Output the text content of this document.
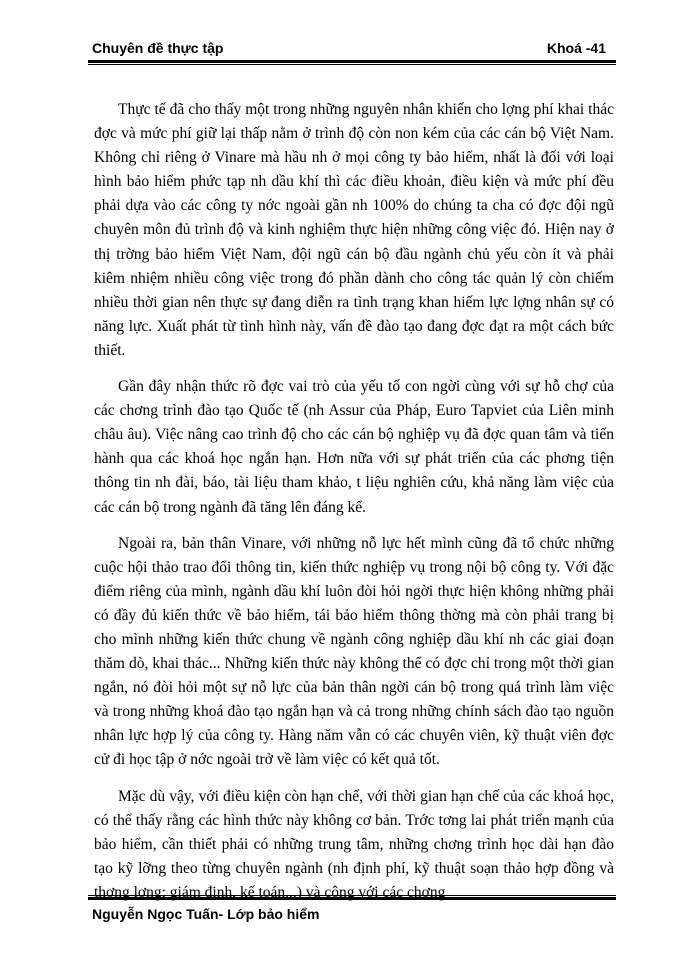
Chuyên đề thực tập	Khoá -41

Thực tế đã cho thấy một trong những nguyên nhân khiến cho lợng phí khai thác đợc và mức phí giữ lại thấp nằm ở trình độ còn non kém của các cán bộ Việt Nam. Không chỉ riêng ở Vinare mà hầu nh ở mọi công ty bảo hiểm, nhất là đối với loại hình bảo hiểm phức tạp nh dầu khí thì các điều khoản, điều kiện và mức phí đều phải dựa vào các công ty nớc ngoài gần nh 100% do chúng ta cha có đợc đội ngũ chuyên môn đủ trình độ và kinh nghiệm thực hiện những công việc đó. Hiện nay ở thị trờng bảo hiểm Việt Nam, đội ngũ cán bộ đầu ngành chủ yếu còn ít và phải kiêm nhiệm nhiều công việc trong đó phần dành cho công tác quản lý còn chiếm nhiều thời gian nên thực sự đang diễn ra tình trạng khan hiếm lực lợng nhân sự có năng lực. Xuất phát từ tình hình này, vấn đề đào tạo đang đợc đạt ra một cách bức thiết.

Gần đây nhận thức rõ đợc vai trò của yếu tố con ngời cùng với sự hỗ chợ của các chơng trình đào tạo Quốc tế (nh Assur của Pháp, Euro Tapviet của Liên minh châu âu). Việc nâng cao trình độ cho các cán bộ nghiệp vụ đã đợc quan tâm và tiến hành qua các khoá học ngắn hạn. Hơn nữa với sự phát triển của các phơng tiện thông tin nh đài, báo, tài liệu tham khảo, t liệu nghiên cứu, khả năng làm việc của các cán bộ trong ngành đã tăng lên đáng kể.

Ngoài ra, bản thân Vinare, với những nỗ lực hết mình cũng đã tổ chức những cuộc hội thảo trao đổi thông tin, kiến thức nghiệp vụ trong nội bộ công ty. Với đặc điểm riêng của mình, ngành dầu khí luôn đòi hỏi ngời thực hiện không những phải có đầy đủ kiến thức về bảo hiểm, tái bảo hiểm thông thờng mà còn phải trang bị cho mình những kiến thức chung về ngành công nghiệp dầu khí nh các giai đoạn thăm dò, khai thác... Những kiến thức này không thể có đợc chỉ trong một thời gian ngắn, nó đòi hỏi một sự nỗ lực của bản thân ngời cán bộ trong quá trình làm việc và trong những khoá đào tạo ngắn hạn và cả trong những chính sách đào tạo nguồn nhân lực hợp lý của công ty. Hàng năm vẫn có các chuyên viên, kỹ thuật viên đợc cử đi học tập ở nớc ngoài trở về làm việc có kết quả tốt.

Mặc dù vậy, với điều kiện còn hạn chế, với thời gian hạn chế của các khoá học, có thể thấy rằng các hình thức này không cơ bản. Trớc tơng lai phát triển mạnh của bảo hiểm, cần thiết phải có những trung tâm, những chơng trình học dài hạn đào tạo kỹ lỡng theo từng chuyên ngành (nh định phí, kỹ thuật soạn thảo hợp đồng và thơng lợng; giám định, kế toán...) và cộng với các chơng

Nguyễn Ngọc Tuấn- Lớp bảo hiểm
